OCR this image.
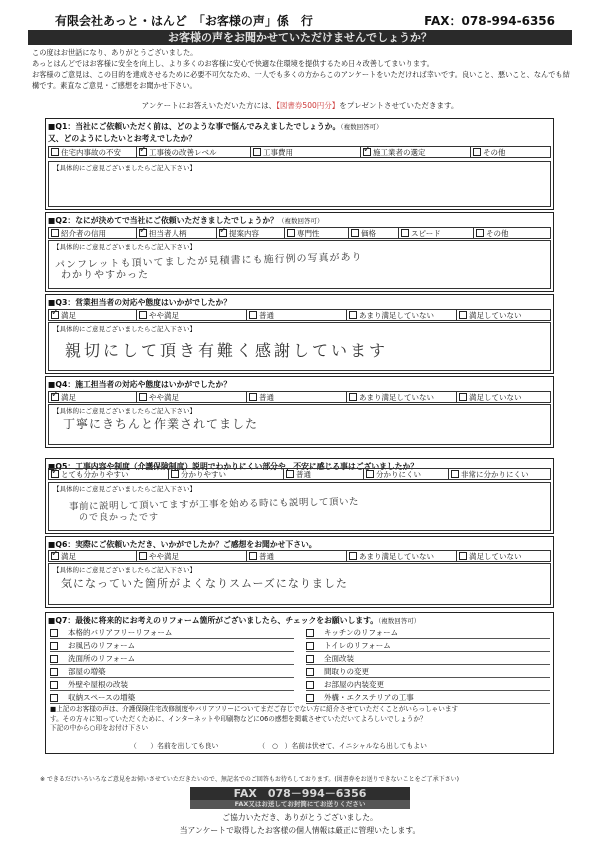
有限会社あっと・はんど　「お客様の声」係　行	FAX：078-994-6356
お客様の声をお聞かせていただけませんでしょうか？

この度はお世話になり、ありがとうございました。

あっとはんどではお客様に安全を向上し、より多くのお客様に安心で快適な住環境を提供するため日々改善してまいります。

お客様のご意見は、この目的を達成させるために必要不可欠なため、一人でも多くの方からこのアンケートをいただければ幸いです。良いこと、悪いこと、なんでも結構です。素直なご意見・ご感想をお聞かせ下さい。

アンケートにお答えいただいた方には、【図書券500円分】をプレゼントさせていただきます。
■Q1：当社にご依頼いただく前は、どのような事で悩んでみえましたでしょうか。（複数回答可）
又、どのようにしたいとお考えでしたか？
住宅内事故の不安 ✓	工事後の改善レベル	工事費用 ✓	施工業者の選定	その他
【具体的にご意見ございましたらご記入下さい】
■Q2：なにが決めてで当社にご依頼いただきましたでしょうか？（複数回答可）
紹介者の信用 ✓	担当者人柄 ✓	提案内容	専門性	価格	スピード	その他
【具体的にご意見ございましたらご記入下さい】
パンフレットも頂いてましたが見積書にも施行例の写真があり
わかりやすかった
■Q3：営業担当者の対応や態度はいかがでしたか？
✓
満足	やや満足	普通	あまり満足していない	満足していない
【具体的にご意見ございましたらご記入下さい】
親切にして頂き有難く感謝しています
■Q4：施工担当者の対応や態度はいかがでしたか？
✓
満足	やや満足	普通	あまり満足していない	満足していない
【具体的にご意見ございましたらご記入下さい】
丁寧にきちんと作業されてました
■Q5：工事内容や制度（介護保険制度）説明でわかりにくい部分や、不安に感じる事はございましたか？
✓
とても分かりやすい	分かりやすい	普通	分かりにくい	非常に分かりにくい
【具体的にご意見ございましたらご記入下さい】
事前に説明して頂いてますが工事を始める時にも説明して頂いた
ので良かったです
■Q6：実際にご依頼いただき、いかがでしたか？ご感想をお聞かせ下さい。
✓
満足	やや満足	普通	あまり満足していない	満足していない
【具体的にご意見ございましたらご記入下さい】
気になっていた箇所がよくなりスムーズになりました
■Q7：最後に将来的にお考えのリフォーム箇所がございましたら、チェックをお願いします。（複数回答可）
本格的バリアフリーリフォーム	キッチンのリフォーム
お風呂のリフォーム	トイレのリフォーム
洗面所のリフォーム	全面改装
部屋の増築	間取りの変更
外壁や屋根の改装	お部屋の内装変更
収納スペースの増築	外構・エクステリアの工事

■上記のお客様の声は、介護保険住宅改修制度やバリアフリーについてまだご存じでない方に紹介させていただくことがいらっしゃいます

す。その方々に知っていただくために、インターネットや印刷物などに06の感想を掲載させていただいてよろしいでしょうか？

下記の中から○印をお付け下さい

（　　）名前を出しても良い	（　○　）名前は伏せて、イニシャルなら出してもよい
※ できるだけいろいろなご意見をお伺いさせていただきたいので、無記名でのご回答もお待ちしております。(図書券をお送りできないことをご了承下さい)
FAX　078－994－6356
FAX又はお送してお封筒にてお送りください
ご協力いただき、ありがとうございました。
当アンケートで取得したお客様の個人情報は厳正に管理いたします。
